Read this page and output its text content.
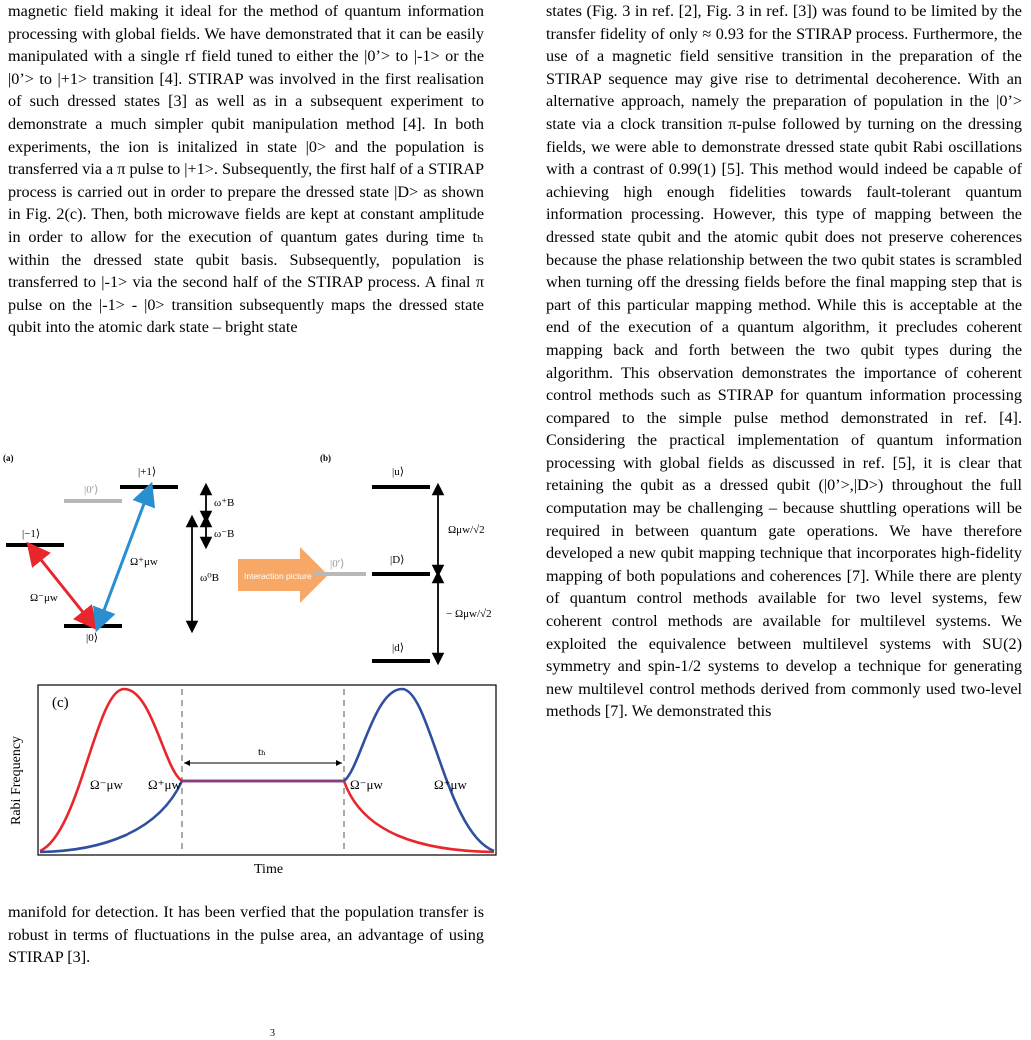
magnetic field making it ideal for the method of quantum information processing with global fields. We have demonstrated that it can be easily manipulated with a single rf field tuned to either the |0’> to |-1> or the |0’> to |+1> transition [4]. STIRAP was involved in the first realisation of such dressed states [3] as well as in a subsequent experiment to demonstrate a much simpler qubit manipulation method [4]. In both experiments, the ion is initalized in state |0> and the population is transferred via a π pulse to |+1>. Subsequently, the first half of a STIRAP process is carried out in order to prepare the dressed state |D> as shown in Fig. 2(c). Then, both microwave fields are kept at constant amplitude in order to allow for the execution of quantum gates during time tₕ within the dressed state qubit basis. Subsequently, population is transferred to |-1> via the second half of the STIRAP process. A final π pulse on the |-1> - |0> transition subsequently maps the dressed state qubit into the atomic dark state – bright state

(a)
|−1⟩
|0′⟩
|+1⟩
|0⟩
Ω⁻μw
Ω⁺μw
ω⁺B
ω⁻B
ω⁰B	Interaction picture
(b)
|u⟩
|0′⟩	|D⟩
|d⟩
Ωμw/√2
− Ωμw/√2
(c)
Rabi Frequency
Time
tₕ
Ω⁻μw Ω⁺μw	Ω⁻μw	Ω⁺μw

manifold for detection. It has been verfied that the population transfer is robust in terms of fluctuations in the pulse area, an advantage of using STIRAP [3].

states (Fig. 3 in ref. [2], Fig. 3 in ref. [3]) was found to be limited by the transfer fidelity of only ≈ 0.93 for the STIRAP process. Furthermore, the use of a magnetic field sensitive transition in the preparation of the STIRAP sequence may give rise to detrimental decoherence. With an alternative approach, namely the preparation of population in the |0’> state via a clock transition π-pulse followed by turning on the dressing fields, we were able to demonstrate dressed state qubit Rabi oscillations with a contrast of 0.99(1) [5]. This method would indeed be capable of achieving high enough fidelities towards fault-tolerant quantum information processing. However, this type of mapping between the dressed state qubit and the atomic qubit does not preserve coherences because the phase relationship between the two qubit states is scrambled when turning off the dressing fields before the final mapping step that is part of this particular mapping method. While this is acceptable at the end of the execution of a quantum algorithm, it precludes coherent mapping back and forth between the two qubit types during the algorithm. This observation demonstrates the importance of coherent control methods such as STIRAP for quantum information processing compared to the simple pulse method demonstrated in ref. [4]. Considering the practical implementation of quantum information processing with global fields as discussed in ref. [5], it is clear that retaining the qubit as a dressed qubit (|0’>,|D>) throughout the full computation may be challenging – because shuttling operations will be required in between quantum gate operations. We have therefore developed a new qubit mapping technique that incorporates high-fidelity mapping of both populations and coherences [7]. While there are plenty of quantum control methods available for two level systems, few coherent control methods are available for multilevel systems. We exploited the equivalence between multilevel systems with SU(2) symmetry and spin-1/2 systems to develop a technique for generating new multilevel control methods derived from commonly used two-level methods [7]. We demonstrated this

3
